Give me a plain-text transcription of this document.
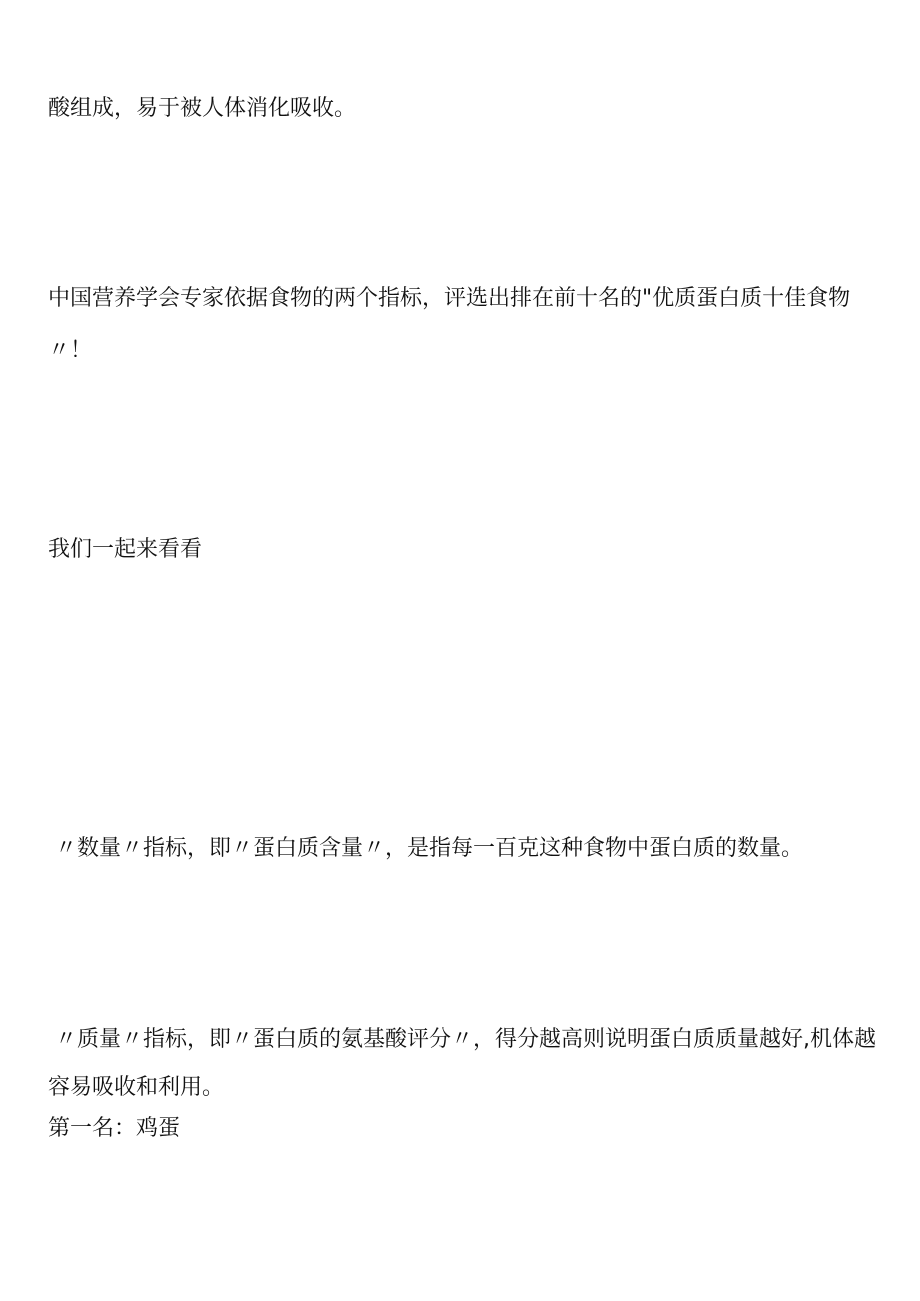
酸组成，易于被人体消化吸收。

中国营养学会专家依据食物的两个指标，评选出排在前十名的"优质蛋白质十佳食物〃！

我们一起来看看

〃数量〃指标，即〃蛋白质含量〃，是指每一百克这种食物中蛋白质的数量。

〃质量〃指标，即〃蛋白质的氨基酸评分〃，得分越高则说明蛋白质质量越好,机体越容易吸收和利用。

第一名：鸡蛋
